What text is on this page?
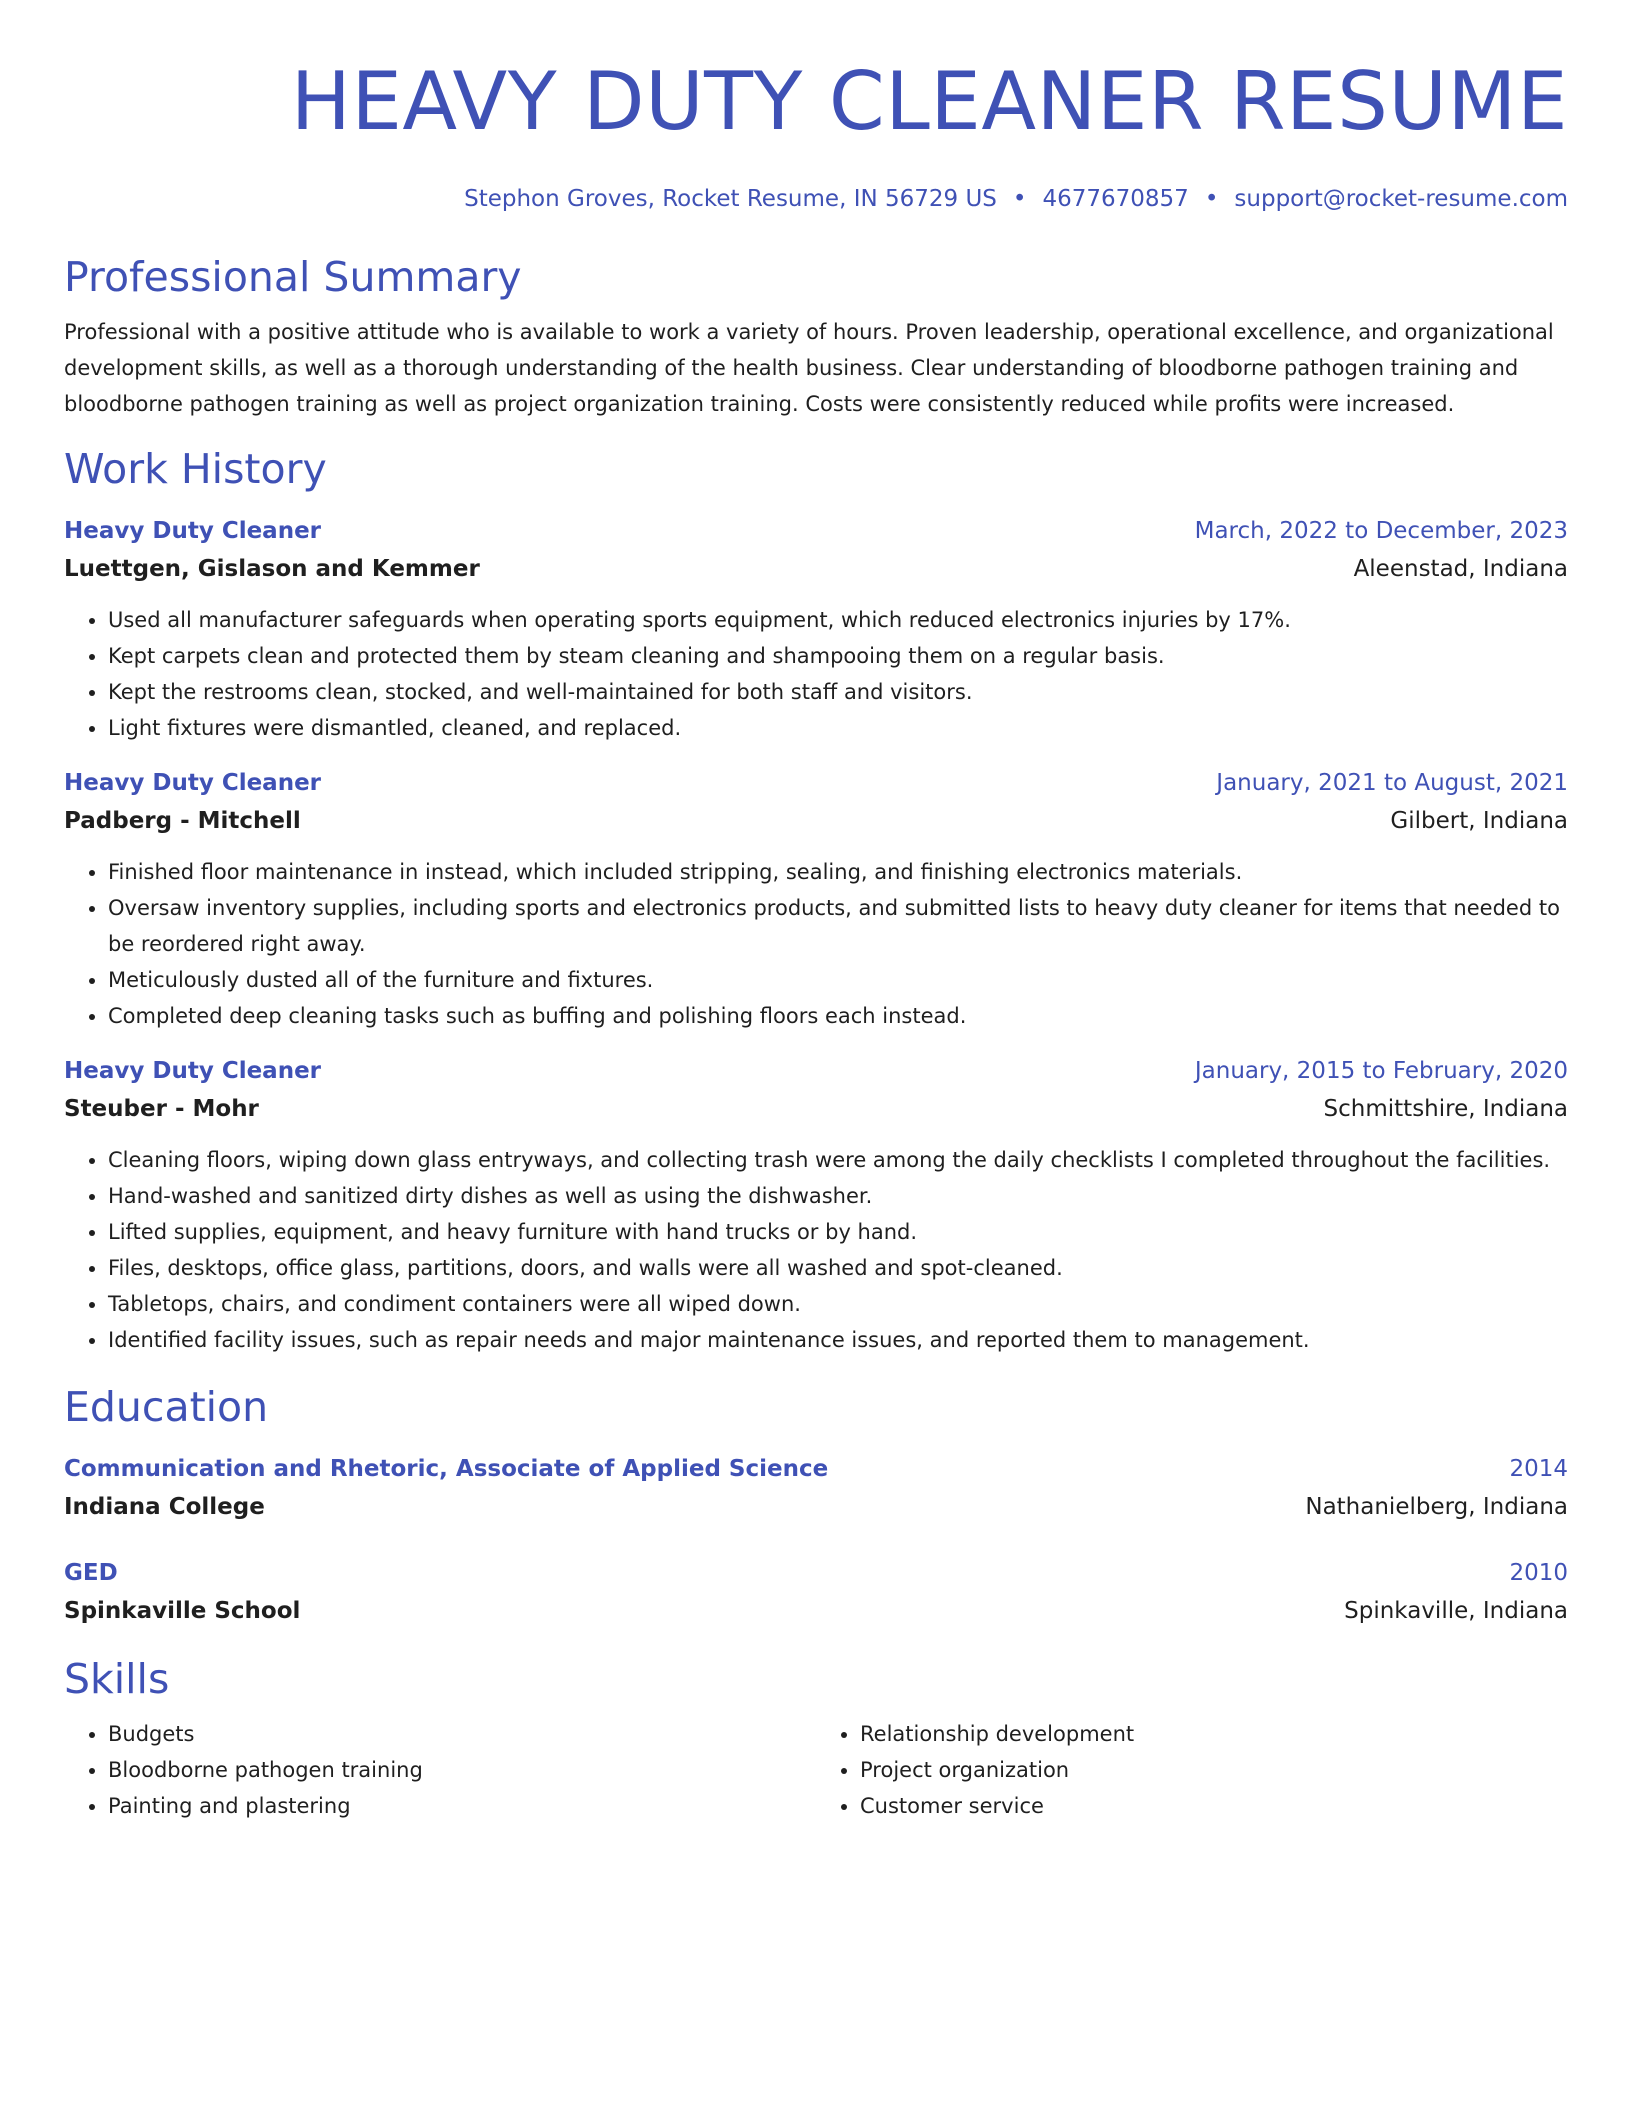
HEAVY DUTY CLEANER RESUME
Stephon Groves, Rocket Resume, IN 56729 US • 4677670857 • support@rocket-resume.com
Professional Summary
Professional with a positive attitude who is available to work a variety of hours. Proven leadership, operational excellence, and organizational development skills, as well as a thorough understanding of the health business. Clear understanding of bloodborne pathogen training and bloodborne pathogen training as well as project organization training. Costs were consistently reduced while profits were increased.
Work History
Heavy Duty Cleaner	March, 2022 to December, 2023
Luettgen, Gislason and Kemmer	Aleenstad, Indiana
• Used all manufacturer safeguards when operating sports equipment, which reduced electronics injuries by 17%.
• Kept carpets clean and protected them by steam cleaning and shampooing them on a regular basis.
• Kept the restrooms clean, stocked, and well-maintained for both staff and visitors.
• Light fixtures were dismantled, cleaned, and replaced.
Heavy Duty Cleaner	January, 2021 to August, 2021
Padberg - Mitchell	Gilbert, Indiana
• Finished floor maintenance in instead, which included stripping, sealing, and finishing electronics materials.
• Oversaw inventory supplies, including sports and electronics products, and submitted lists to heavy duty cleaner for items that needed to be reordered right away.
• Meticulously dusted all of the furniture and fixtures.
• Completed deep cleaning tasks such as buffing and polishing floors each instead.
Heavy Duty Cleaner	January, 2015 to February, 2020
Steuber - Mohr	Schmittshire, Indiana
• Cleaning floors, wiping down glass entryways, and collecting trash were among the daily checklists I completed throughout the facilities.
• Hand-washed and sanitized dirty dishes as well as using the dishwasher.
• Lifted supplies, equipment, and heavy furniture with hand trucks or by hand.
• Files, desktops, office glass, partitions, doors, and walls were all washed and spot-cleaned.
• Tabletops, chairs, and condiment containers were all wiped down.
• Identified facility issues, such as repair needs and major maintenance issues, and reported them to management.
Education
Communication and Rhetoric, Associate of Applied Science	2014
Indiana College	Nathanielberg, Indiana
GED	2010
Spinkaville School	Spinkaville, Indiana
Skills
• Budgets
• Bloodborne pathogen training
• Painting and plastering
• Relationship development
• Project organization
• Customer service
